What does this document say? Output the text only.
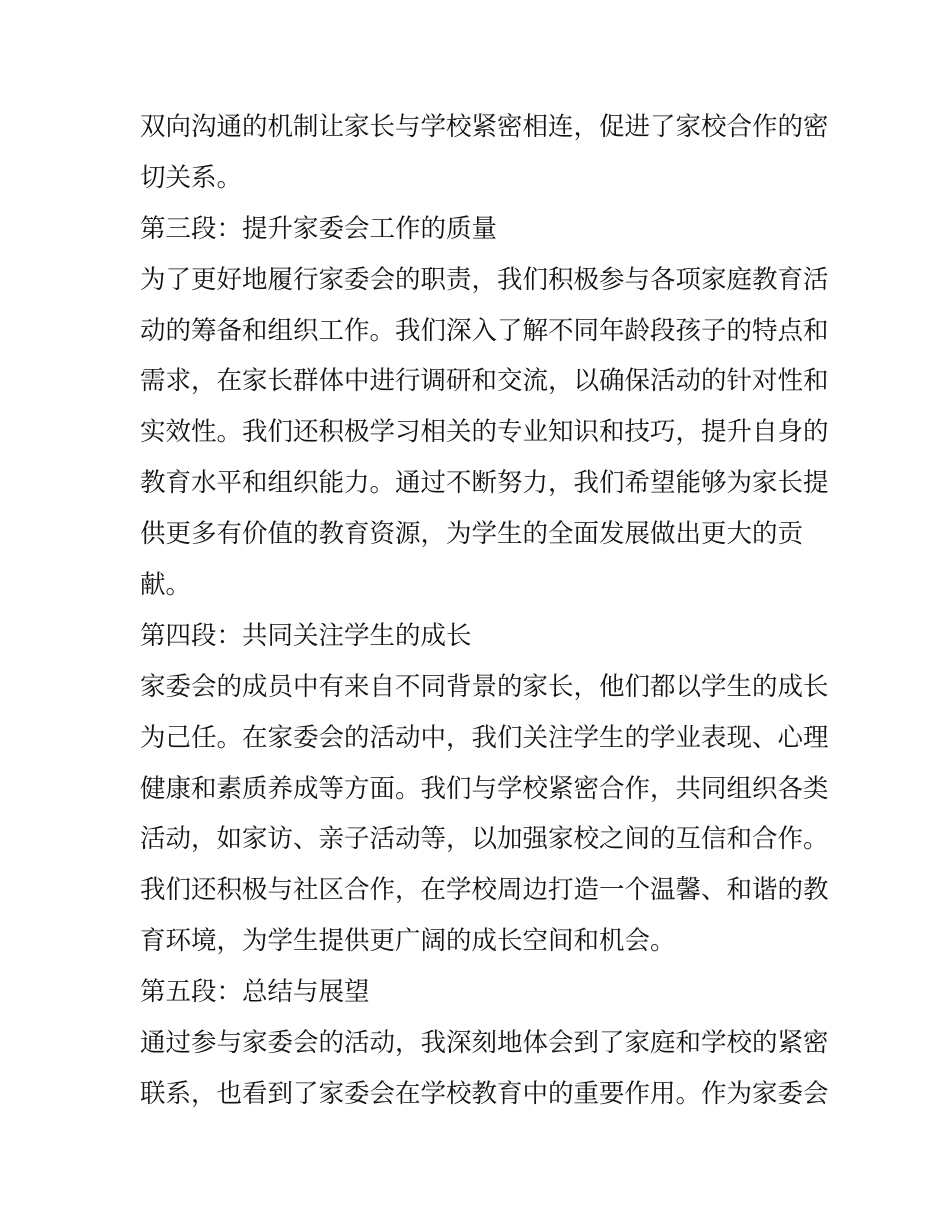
双向沟通的机制让家长与学校紧密相连，促进了家校合作的密

切关系。

第三段：提升家委会工作的质量

为了更好地履行家委会的职责，我们积极参与各项家庭教育活

动的筹备和组织工作。我们深入了解不同年龄段孩子的特点和

需求，在家长群体中进行调研和交流，以确保活动的针对性和

实效性。我们还积极学习相关的专业知识和技巧，提升自身的

教育水平和组织能力。通过不断努力，我们希望能够为家长提

供更多有价值的教育资源，为学生的全面发展做出更大的贡

献。

第四段：共同关注学生的成长

家委会的成员中有来自不同背景的家长，他们都以学生的成长

为己任。在家委会的活动中，我们关注学生的学业表现、心理

健康和素质养成等方面。我们与学校紧密合作，共同组织各类

活动，如家访、亲子活动等，以加强家校之间的互信和合作。

我们还积极与社区合作，在学校周边打造一个温馨、和谐的教

育环境，为学生提供更广阔的成长空间和机会。

第五段：总结与展望

通过参与家委会的活动，我深刻地体会到了家庭和学校的紧密

联系，也看到了家委会在学校教育中的重要作用。作为家委会
